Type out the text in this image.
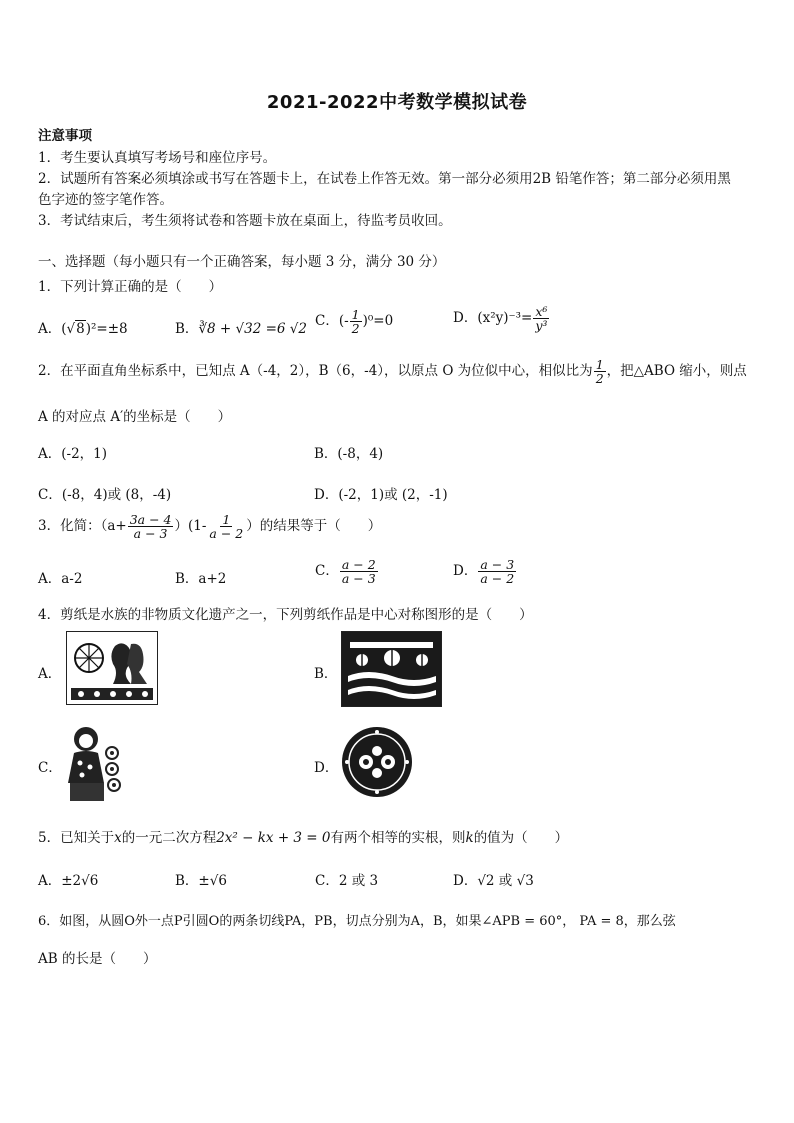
2021-2022中考数学模拟试卷
注意事项
1．考生要认真填写考场号和座位序号。
2．试题所有答案必须填涂或书写在答题卡上，在试卷上作答无效。第一部分必须用2B 铅笔作答；第二部分必须用黑
色字迹的签字笔作答。
3．考试结束后，考生须将试卷和答题卡放在桌面上，待监考员收回。
一、选择题（每小题只有一个正确答案，每小题 3 分，满分 30 分）
1．下列计算正确的是（　　）
A．(√8)²=±8	B．∛8 + √32 =6 √2 C．(- $\frac{1}{2} )^0=0$	D．$(x^2y)^{-3}= \frac{\text{x⁶}}{\text{y³}}$
2．在平面直角坐标系中，已知点 A（-4，2），B（6，-4），以原点 O 为位似中心，相似比为 $\frac{1}{2}$ ，把△ABO 缩小，则点
A 的对应点 A′的坐标是（　　）
A．(-2，1)	B．(-8，4)
C．(-8，4)或 (8，-4)	D．(-2，1)或 (2，-1)
3．化简：$(a+ \frac{3a - 4}{a - 3} )(1- \frac{1}{a - 2}$ ）的结果等于（　　）
A．a-2	B．a+2	C． $\frac{a - 2}{a - 3}$	D． $\frac{a - 3}{a - 2}$
4．剪纸是水族的非物质文化遗产之一，下列剪纸作品是中心对称图形的是（　　）
A．	B．
C．	D．
5．已知关于x的一元二次方程2x² − kx + 3 = 0有两个相等的实根，则k的值为（　　）
A．±2√6	B．±√6	C．2 或 3	D．√2 或 √3
6．如图，从圆O外一点P引圆O的两条切线PA，PB，切点分别为A，B，如果∠APB = 60°， PA = 8，那么弦
AB 的长是（　　）
